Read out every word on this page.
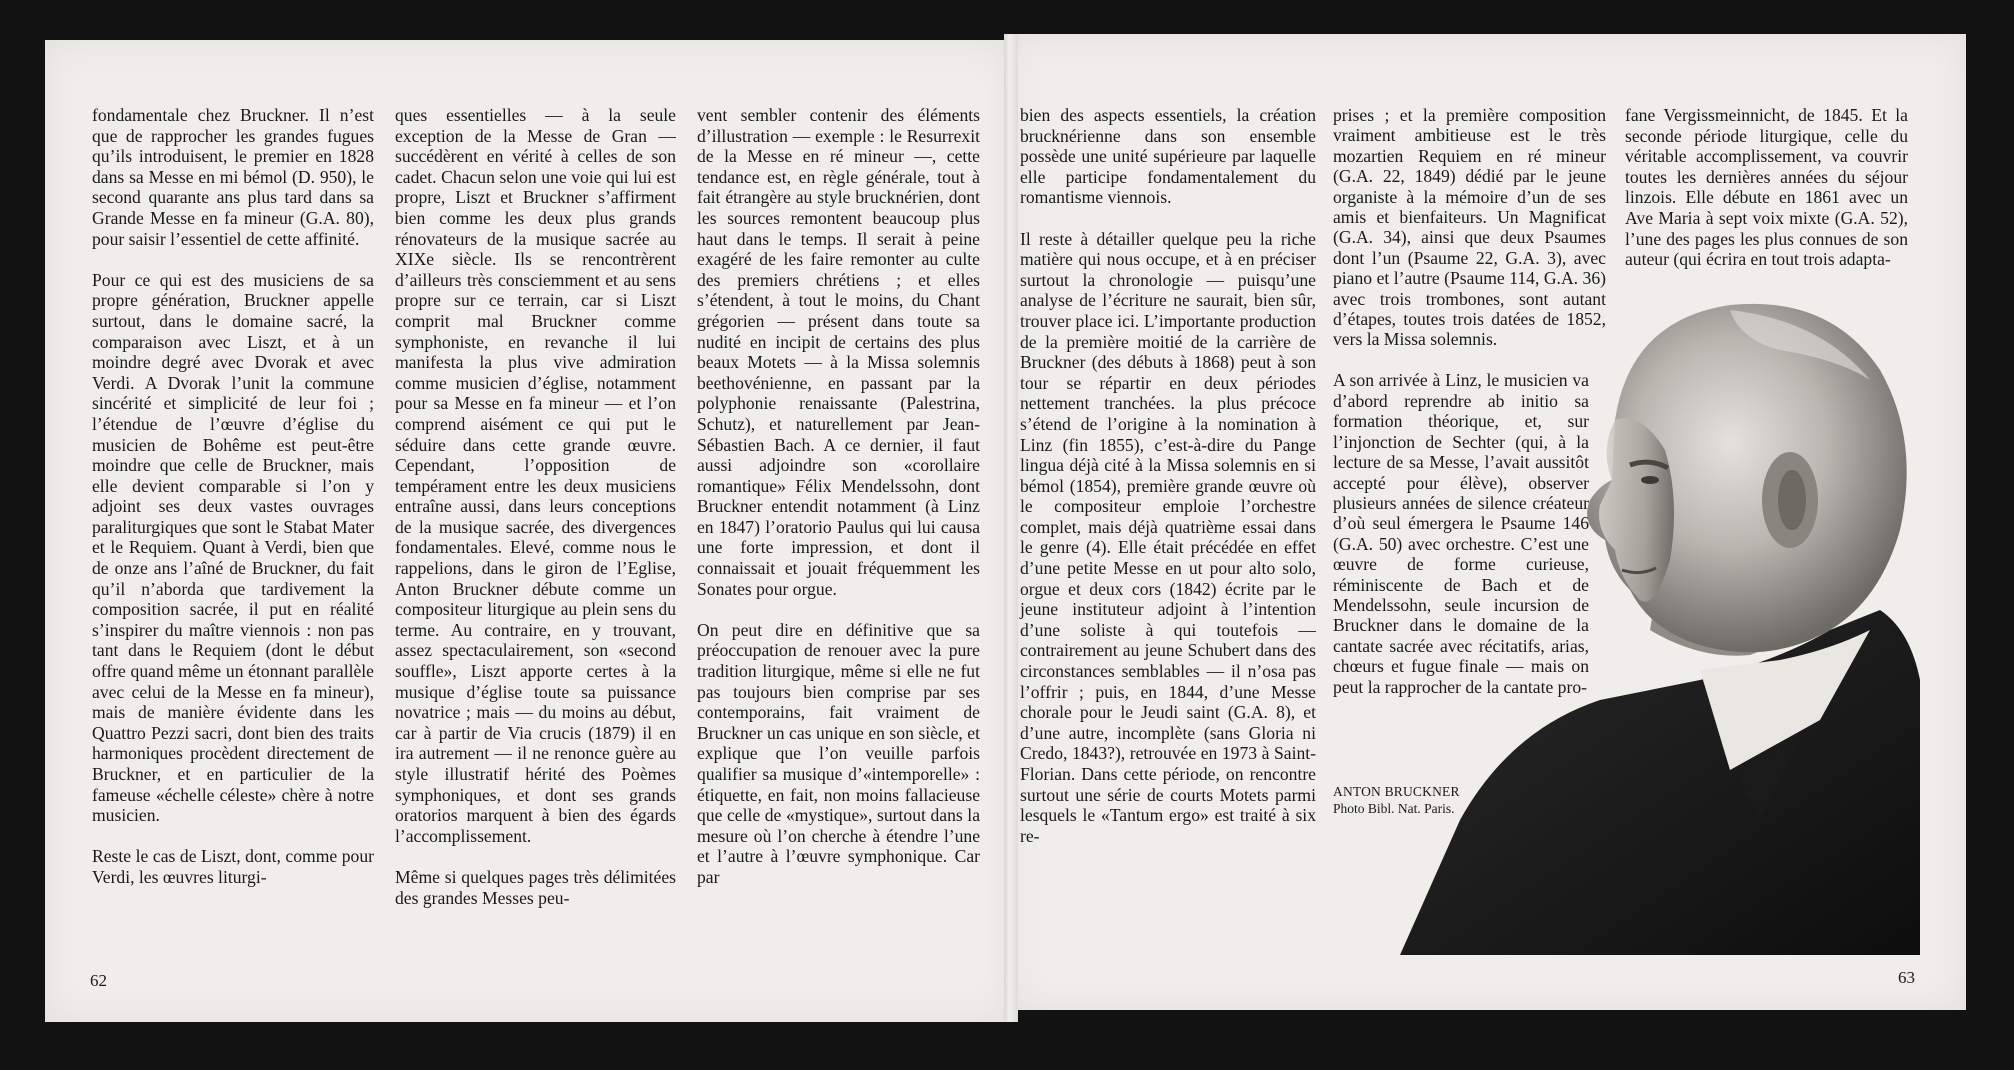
fondamentale chez Bruckner. Il n’est que de rapprocher les grandes fugues qu’ils introduisent, le premier en 1828 dans sa Messe en mi bémol (D. 950), le second quarante ans plus tard dans sa Grande Messe en fa mineur (G.A. 80), pour saisir l’essentiel de cette affinité.

Pour ce qui est des musiciens de sa propre génération, Bruckner appelle surtout, dans le domaine sacré, la comparaison avec Liszt, et à un moindre degré avec Dvorak et avec Verdi. A Dvorak l’unit la commune sincérité et simplicité de leur foi ; l’étendue de l’œuvre d’église du musicien de Bohême est peut-être moindre que celle de Bruckner, mais elle devient comparable si l’on y adjoint ses deux vastes ouvrages paraliturgiques que sont le Stabat Mater et le Requiem. Quant à Verdi, bien que de onze ans l’aîné de Bruckner, du fait qu’il n’aborda que tardivement la composition sacrée, il put en réalité s’inspirer du maître viennois : non pas tant dans le Requiem (dont le début offre quand même un étonnant parallèle avec celui de la Messe en fa mineur), mais de manière évidente dans les Quattro Pezzi sacri, dont bien des traits harmoniques procèdent directement de Bruckner, et en particulier de la fameuse «échelle céleste» chère à notre musicien.

Reste le cas de Liszt, dont, comme pour Verdi, les œuvres liturgi-

ques essentielles — à la seule exception de la Messe de Gran — succédèrent en vérité à celles de son cadet. Chacun selon une voie qui lui est propre, Liszt et Bruckner s’affirment bien comme les deux plus grands rénovateurs de la musique sacrée au XIXe siècle. Ils se rencontrèrent d’ailleurs très consciemment et au sens propre sur ce terrain, car si Liszt comprit mal Bruckner comme symphoniste, en revanche il lui manifesta la plus vive admiration comme musicien d’église, notamment pour sa Messe en fa mineur — et l’on comprend aisément ce qui put le séduire dans cette grande œuvre. Cependant, l’opposition de tempérament entre les deux musiciens entraîne aussi, dans leurs conceptions de la musique sacrée, des divergences fondamentales. Elevé, comme nous le rappelions, dans le giron de l’Eglise, Anton Bruckner débute comme un compositeur liturgique au plein sens du terme. Au contraire, en y trouvant, assez spectaculairement, son «second souffle», Liszt apporte certes à la musique d’église toute sa puissance novatrice ; mais — du moins au début, car à partir de Via crucis (1879) il en ira autrement — il ne renonce guère au style illustratif hérité des Poèmes symphoniques, et dont ses grands oratorios marquent à bien des égards l’accomplissement.

Même si quelques pages très délimitées des grandes Messes peu-

vent sembler contenir des éléments d’illustration — exemple : le Resurrexit de la Messe en ré mineur —, cette tendance est, en règle générale, tout à fait étrangère au style brucknérien, dont les sources remontent beaucoup plus haut dans le temps. Il serait à peine exagéré de les faire remonter au culte des premiers chrétiens ; et elles s’étendent, à tout le moins, du Chant grégorien — présent dans toute sa nudité en incipit de certains des plus beaux Motets — à la Missa solemnis beethovénienne, en passant par la polyphonie renaissante (Palestrina, Schutz), et naturellement par Jean-Sébastien Bach. A ce dernier, il faut aussi adjoindre son «corollaire romantique» Félix Mendelssohn, dont Bruckner entendit notamment (à Linz en 1847) l’oratorio Paulus qui lui causa une forte impression, et dont il connaissait et jouait fréquemment les Sonates pour orgue.

On peut dire en définitive que sa préoccupation de renouer avec la pure tradition liturgique, même si elle ne fut pas toujours bien comprise par ses contemporains, fait vraiment de Bruckner un cas unique en son siècle, et explique que l’on veuille parfois qualifier sa musique d’«intemporelle» : étiquette, en fait, non moins fallacieuse que celle de «mystique», surtout dans la mesure où l’on cherche à étendre l’une et l’autre à l’œuvre symphonique. Car par

62

bien des aspects essentiels, la création brucknérienne dans son ensemble possède une unité supérieure par laquelle elle participe fondamentalement du romantisme viennois.

Il reste à détailler quelque peu la riche matière qui nous occupe, et à en préciser surtout la chronologie — puisqu’une analyse de l’écriture ne saurait, bien sûr, trouver place ici. L’importante production de la première moitié de la carrière de Bruckner (des débuts à 1868) peut à son tour se répartir en deux périodes nettement tranchées. la plus précoce s’étend de l’origine à la nomination à Linz (fin 1855), c’est-à-dire du Pange lingua déjà cité à la Missa solemnis en si bémol (1854), première grande œuvre où le compositeur emploie l’orchestre complet, mais déjà quatrième essai dans le genre (4). Elle était précédée en effet d’une petite Messe en ut pour alto solo, orgue et deux cors (1842) écrite par le jeune instituteur adjoint à l’intention d’une soliste à qui toutefois — contrairement au jeune Schubert dans des circonstances semblables — il n’osa pas l’offrir ; puis, en 1844, d’une Messe chorale pour le Jeudi saint (G.A. 8), et d’une autre, incomplète (sans Gloria ni Credo, 1843?), retrouvée en 1973 à Saint-Florian. Dans cette période, on rencontre surtout une série de courts Motets parmi lesquels le «Tantum ergo» est traité à six re-

prises ; et la première composition vraiment ambitieuse est le très mozartien Requiem en ré mineur (G.A. 22, 1849) dédié par le jeune organiste à la mémoire d’un de ses amis et bienfaiteurs. Un Magnificat (G.A. 34), ainsi que deux Psaumes dont l’un (Psaume 22, G.A. 3), avec piano et l’autre (Psaume 114, G.A. 36) avec trois trombones, sont autant d’étapes, toutes trois datées de 1852, vers la Missa solemnis.

A son arrivée à Linz, le musicien va d’abord reprendre ab initio sa formation théorique, et, sur l’injonction de Sechter (qui, à la lecture de sa Messe, l’avait aussitôt accepté pour élève), observer plusieurs années de silence créateur d’où seul émergera le Psaume 146 (G.A. 50) avec orchestre. C’est une œuvre de forme curieuse, réminiscente de Bach et de Mendelssohn, seule incursion de Bruckner dans le domaine de la cantate sacrée avec récitatifs, arias, chœurs et fugue finale — mais on peut la rapprocher de la cantate pro-

fane Vergissmeinnicht, de 1845. Et la seconde période liturgique, celle du véritable accomplissement, va couvrir toutes les dernières années du séjour linzois. Elle débute en 1861 avec un Ave Maria à sept voix mixte (G.A. 52), l’une des pages les plus connues de son auteur (qui écrira en tout trois adapta-

ANTON BRUCKNER
Photo Bibl. Nat. Paris.
63
